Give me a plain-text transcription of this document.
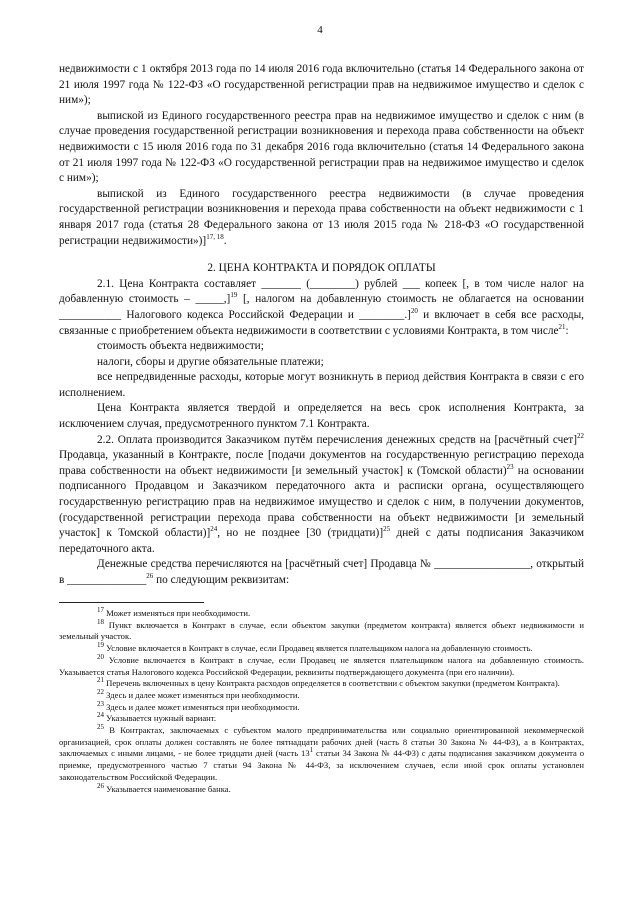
4

недвижимости с 1 октября 2013 года по 14 июля 2016 года включительно (статья 14 Федерального закона от 21 июля 1997 года № 122-ФЗ «О государственной регистрации прав на недвижимое имущество и сделок с ним»);

выпиской из Единого государственного реестра прав на недвижимое имущество и сделок с ним (в случае проведения государственной регистрации возникновения и перехода права собственности на объект недвижимости с 15 июля 2016 года по 31 декабря 2016 года включительно (статья 14 Федерального закона от 21 июля 1997 года № 122-ФЗ «О государственной регистрации прав на недвижимое имущество и сделок с ним»);

выпиской из Единого государственного реестра недвижимости (в случае проведения государственной регистрации возникновения и перехода права собственности на объект недвижимости с 1 января 2017 года (статья 28 Федерального закона от 13 июля 2015 года № 218-ФЗ «О государственной регистрации недвижимости»)]$^{17, 18}$.

2. ЦЕНА КОНТРАКТА И ПОРЯДОК ОПЛАТЫ

2.1. Цена Контракта составляет _______ (________) рублей ___ копеек [, в том числе налог на добавленную стоимость – _____,]$^{19}$ [, налогом на добавленную стоимость не облагается на основании ___________ Налогового кодекса Российской Федерации и ________.]$^{20}$ и включает в себя все расходы, связанные с приобретением объекта недвижимости в соответствии с условиями Контракта, в том числе$^{21}$:

стоимость объекта недвижимости;

налоги, сборы и другие обязательные платежи;

все непредвиденные расходы, которые могут возникнуть в период действия Контракта в связи с его исполнением.

Цена Контракта является твердой и определяется на весь срок исполнения Контракта, за исключением случая, предусмотренного пунктом 7.1 Контракта.

2.2. Оплата производится Заказчиком путём перечисления денежных средств на [расчётный счет]$^{22}$ Продавца, указанный в Контракте, после [подачи документов на государственную регистрацию перехода права собственности на объект недвижимости [и земельный участок] к (Томской области)$^{23}$ на основании подписанного Продавцом и Заказчиком передаточного акта и расписки органа, осуществляющего государственную регистрацию прав на недвижимое имущество и сделок с ним, в получении документов, (государственной регистрации перехода права собственности на объект недвижимости [и земельный участок] к Томской области)]$^{24}$, но не позднее [30 (тридцати)]$^{25}$ дней с даты подписания Заказчиком передаточного акта.

Денежные средства перечисляются на [расчётный счет] Продавца № _________________, открытый в ______________$^{26}$ по следующим реквизитам:

$^{17}$ Может изменяться при необходимости.

$^{18}$ Пункт включается в Контракт в случае, если объектом закупки (предметом контракта) является объект недвижимости и земельный участок.

$^{19}$ Условие включается в Контракт в случае, если Продавец является плательщиком налога на добавленную стоимость.

$^{20}$ Условие включается в Контракт в случае, если Продавец не является плательщиком налога на добавленную стоимость. Указывается статья Налогового кодекса Российской Федерации, реквизиты подтверждающего документа (при его наличии).

$^{21}$ Перечень включенных в цену Контракта расходов определяется в соответствии с объектом закупки (предметом Контракта).

$^{22}$ Здесь и далее может изменяться при необходимости.

$^{23}$ Здесь и далее может изменяться при необходимости.

$^{24}$ Указывается нужный вариант.

$^{25}$ В Контрактах, заключаемых с субъектом малого предпринимательства или социально ориентированной некоммерческой организацией, срок оплаты должен составлять не более пятнадцати рабочих дней (часть 8 статьи 30 Закона № 44-ФЗ), а в Контрактах, заключаемых с иными лицами, - не более тридцати дней (часть $13^1$ статьи 34 Закона № 44-ФЗ) с даты подписания заказчиком документа о приемке, предусмотренного частью 7 статьи 94 Закона № 44-ФЗ, за исключением случаев, если иной срок оплаты установлен законодательством Российской Федерации.

$^{26}$ Указывается наименование банка.
